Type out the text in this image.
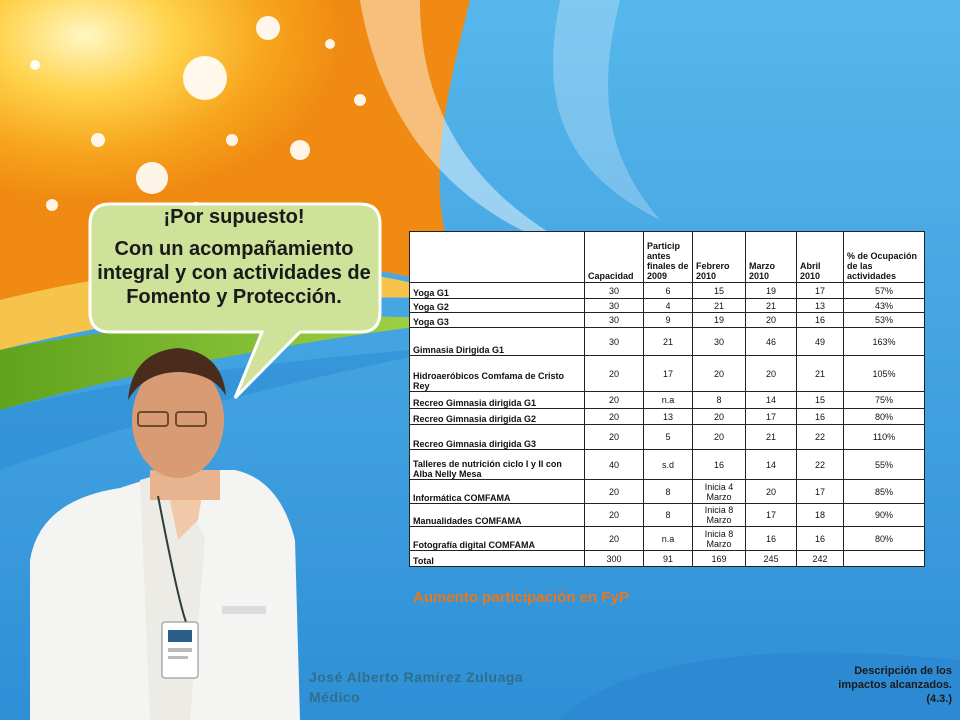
¡Por supuesto!
Con un acompañamiento integral y con actividades de Fomento y Protección.
	Capacidad	Particip antes finales de 2009	Febrero 2010	Marzo 2010	Abril 2010	% de Ocupación de las actividades
Yoga G1	30	6	15	19	17	57%
Yoga G2	30	4	21	21	13	43%
Yoga G3	30	9	19	20	16	53%
Gimnasia Dirigida G1	30	21	30	46	49	163%
Hidroaeróbicos Comfama de Cristo Rey	20	17	20	20	21	105%
Recreo Gimnasia dirigida G1	20	n.a	8	14	15	75%
Recreo Gimnasia dirigida G2	20	13	20	17	16	80%
Recreo Gimnasia dirigida G3	20	5	20	21	22	110%
Talleres de nutrición ciclo I y II con Alba Nelly Mesa	40	s.d	16	14	22	55%
Informática COMFAMA	20	8	Inicia 4 Marzo	20	17	85%
Manualidades COMFAMA	20	8	Inicia 8 Marzo	17	18	90%
Fotografía digital COMFAMA	20	n.a	Inicia 8 Marzo	16	16	80%
Total	300	91	169	245	242	
Aumento participación en FyP
José Alberto Ramírez Zuluaga
Médico
Descripción de los impactos alcanzados. (4.3.)
